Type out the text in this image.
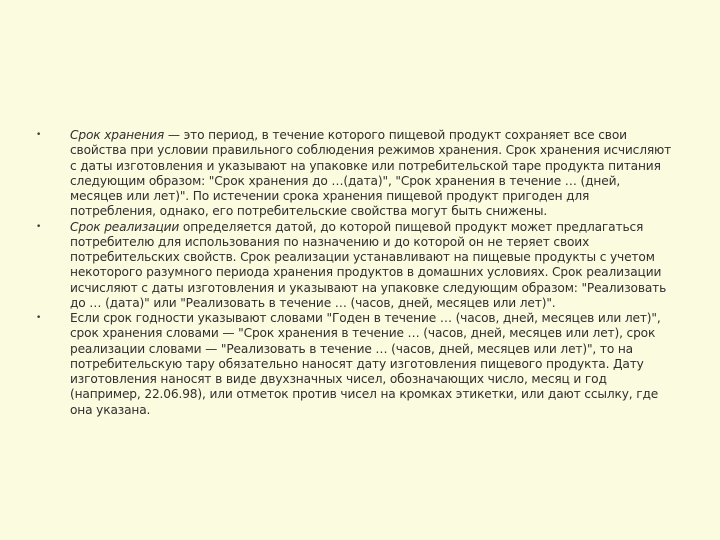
• Срок хранения — это период, в течение которого пищевой продукт сохраняет все свои свойства при условии правильного соблюдения режимов хранения. Срок хранения исчисляют с даты изготовления и указывают на упаковке или потребительской таре продукта питания следующим образом: "Срок хранения до …(дата)", "Срок хранения в течение … (дней, месяцев или лет)". По истечении срока хранения пищевой продукт пригоден для потребления, однако, его потребительские свойства могут быть снижены.
• Срок реализации определяется датой, до которой пищевой продукт может предлагаться потребителю для использования по назначению и до которой он не теряет своих потребительских свойств. Срок реализации устанавливают на пищевые продукты с учетом некоторого разумного периода хранения продуктов в домашних условиях. Срок реализации исчисляют с даты изготовления и указывают на упаковке следующим образом: "Реализовать до … (дата)" или "Реализовать в течение … (часов, дней, месяцев или лет)".
• Если срок годности указывают словами "Годен в течение … (часов, дней, месяцев или лет)", срок хранения словами — "Срок хранения в течение … (часов, дней, месяцев или лет), срок реализации словами — "Реализовать в течение … (часов, дней, месяцев или лет)", то на потребительскую тару обязательно наносят дату изготовления пищевого продукта. Дату изготовления наносят в виде двухзначных чисел, обозначающих число, месяц и год (например, 22.06.98), или отметок против чисел на кромках этикетки, или дают ссылку, где она указана.
